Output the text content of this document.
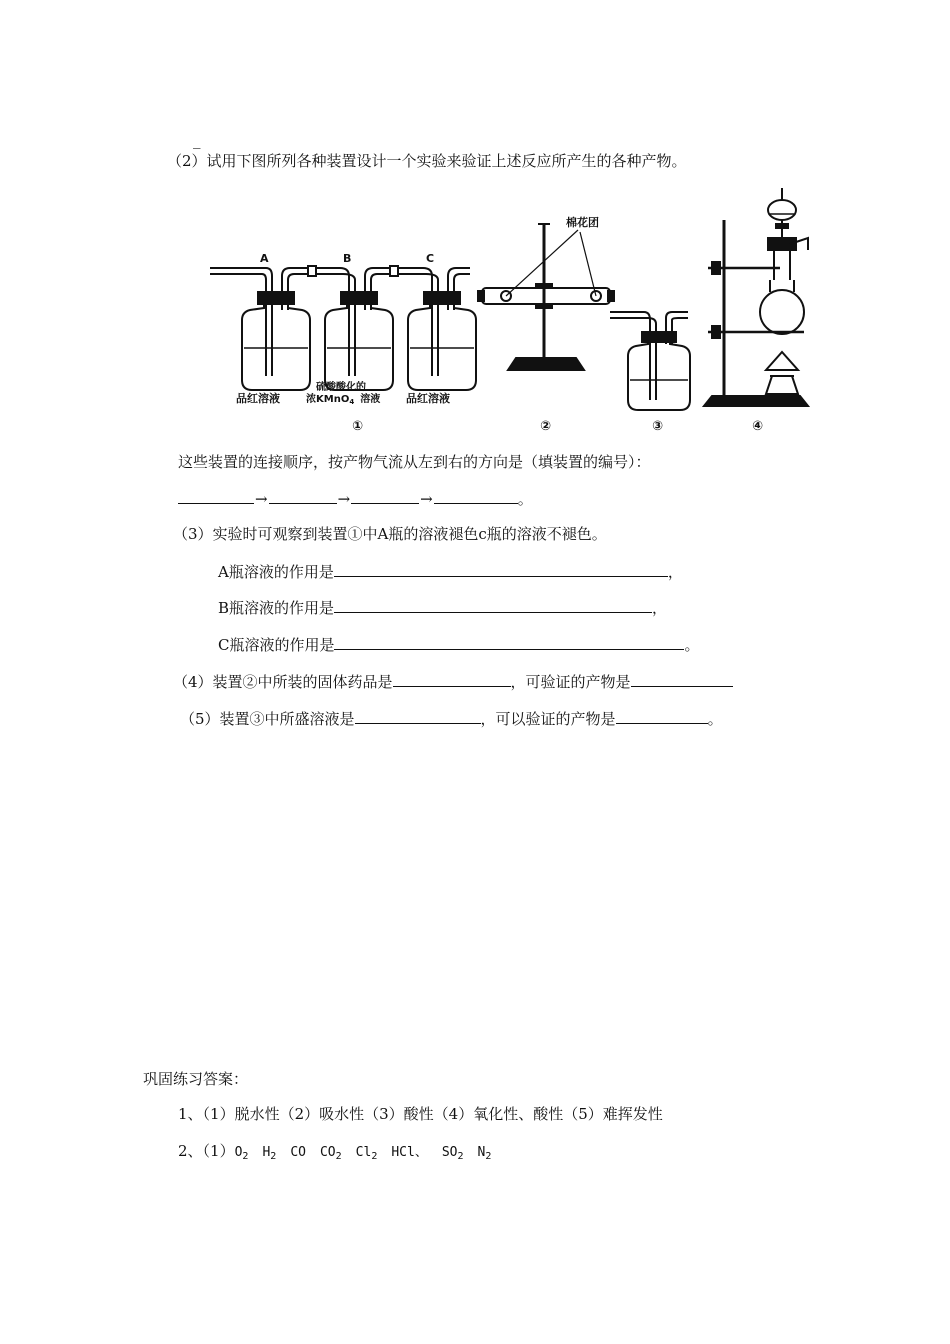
_
（2）试用下图所列各种装置设计一个实验来验证上述反应所产生的各种产物。
A	B	C
品红溶液
硫酸酸化的
浓KMnO$_4$ 溶液 品红溶液
棉花团
①	②	③	④
这些装置的连接顺序，按产物气流从左到右的方向是（填装置的编号）：
→	→	→	。
（3）实验时可观察到装置①中A瓶的溶液褪色c瓶的溶液不褪色。
A瓶溶液的作用是	，
B瓶溶液的作用是	，
C瓶溶液的作用是	。
（4）装置②中所装的固体药品是	，可验证的产物是
（5）装置③中所盛溶液是	，可以验证的产物是	。
巩固练习答案：
1、（1）脱水性（2）吸水性（3）酸性（4）氧化性、酸性（5）难挥发性
2、$(1)O_2$ $H_2$ CO $CO_2$ $Cl_2$ HCl、 $SO_2$ $N_2$
